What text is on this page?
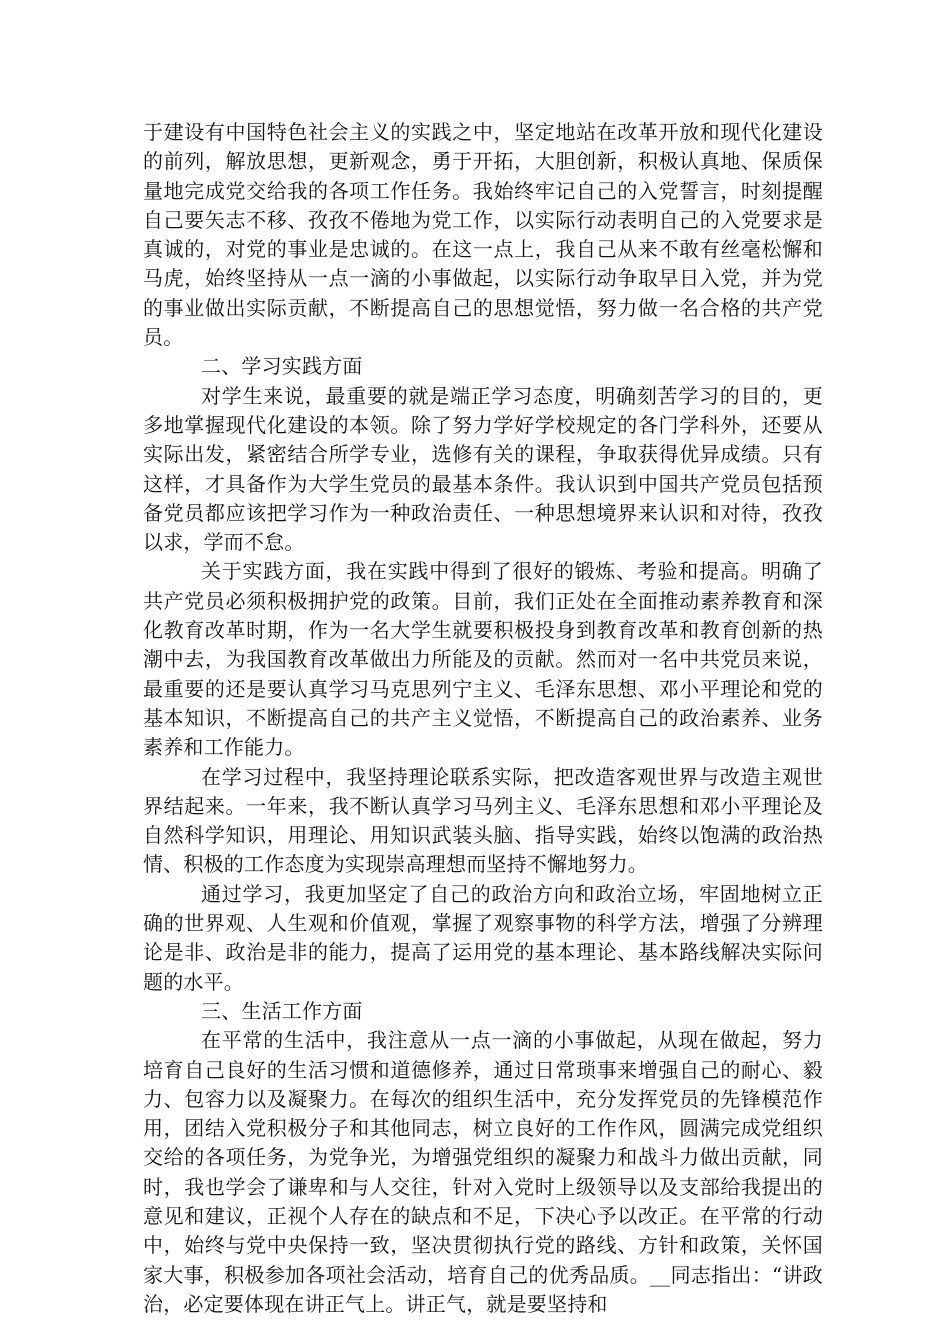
于建设有中国特色社会主义的实践之中，坚定地站在改革开放和现代化建设的前列，解放思想，更新观念，勇于开拓，大胆创新，积极认真地、保质保量地完成党交给我的各项工作任务。我始终牢记自己的入党誓言，时刻提醒自己要矢志不移、孜孜不倦地为党工作，以实际行动表明自己的入党要求是真诚的，对党的事业是忠诚的。在这一点上，我自己从来不敢有丝毫松懈和马虎，始终坚持从一点一滴的小事做起，以实际行动争取早日入党，并为党的事业做出实际贡献，不断提高自己的思想觉悟，努力做一名合格的共产党员。

二、学习实践方面

对学生来说，最重要的就是端正学习态度，明确刻苦学习的目的，更多地掌握现代化建设的本领。除了努力学好学校规定的各门学科外，还要从实际出发，紧密结合所学专业，选修有关的课程，争取获得优异成绩。只有这样，才具备作为大学生党员的最基本条件。我认识到中国共产党员包括预备党员都应该把学习作为一种政治责任、一种思想境界来认识和对待，孜孜以求，学而不怠。

关于实践方面，我在实践中得到了很好的锻炼、考验和提高。明确了共产党员必须积极拥护党的政策。目前，我们正处在全面推动素养教育和深化教育改革时期，作为一名大学生就要积极投身到教育改革和教育创新的热潮中去，为我国教育改革做出力所能及的贡献。然而对一名中共党员来说，最重要的还是要认真学习马克思列宁主义、毛泽东思想、邓小平理论和党的基本知识，不断提高自己的共产主义觉悟，不断提高自己的政治素养、业务素养和工作能力。

在学习过程中，我坚持理论联系实际，把改造客观世界与改造主观世界结起来。一年来，我不断认真学习马列主义、毛泽东思想和邓小平理论及自然科学知识，用理论、用知识武装头脑、指导实践，始终以饱满的政治热情、积极的工作态度为实现崇高理想而坚持不懈地努力。

通过学习，我更加坚定了自己的政治方向和政治立场，牢固地树立正确的世界观、人生观和价值观，掌握了观察事物的科学方法，增强了分辨理论是非、政治是非的能力，提高了运用党的基本理论、基本路线解决实际问题的水平。

三、生活工作方面

在平常的生活中，我注意从一点一滴的小事做起，从现在做起，努力培育自己良好的生活习惯和道德修养，通过日常琐事来增强自己的耐心、毅力、包容力以及凝聚力。在每次的组织生活中，充分发挥党员的先锋模范作用，团结入党积极分子和其他同志，树立良好的工作作风，圆满完成党组织交给的各项任务，为党争光，为增强党组织的凝聚力和战斗力做出贡献，同时，我也学会了谦卑和与人交往，针对入党时上级领导以及支部给我提出的意见和建议，正视个人存在的缺点和不足，下决心予以改正。在平常的行动中，始终与党中央保持一致，坚决贯彻执行党的路线、方针和政策，关怀国家大事，积极参加各项社会活动，培育自己的优秀品质。__同志指出：“讲政治，必定要体现在讲正气上。讲正气，就是要坚持和
